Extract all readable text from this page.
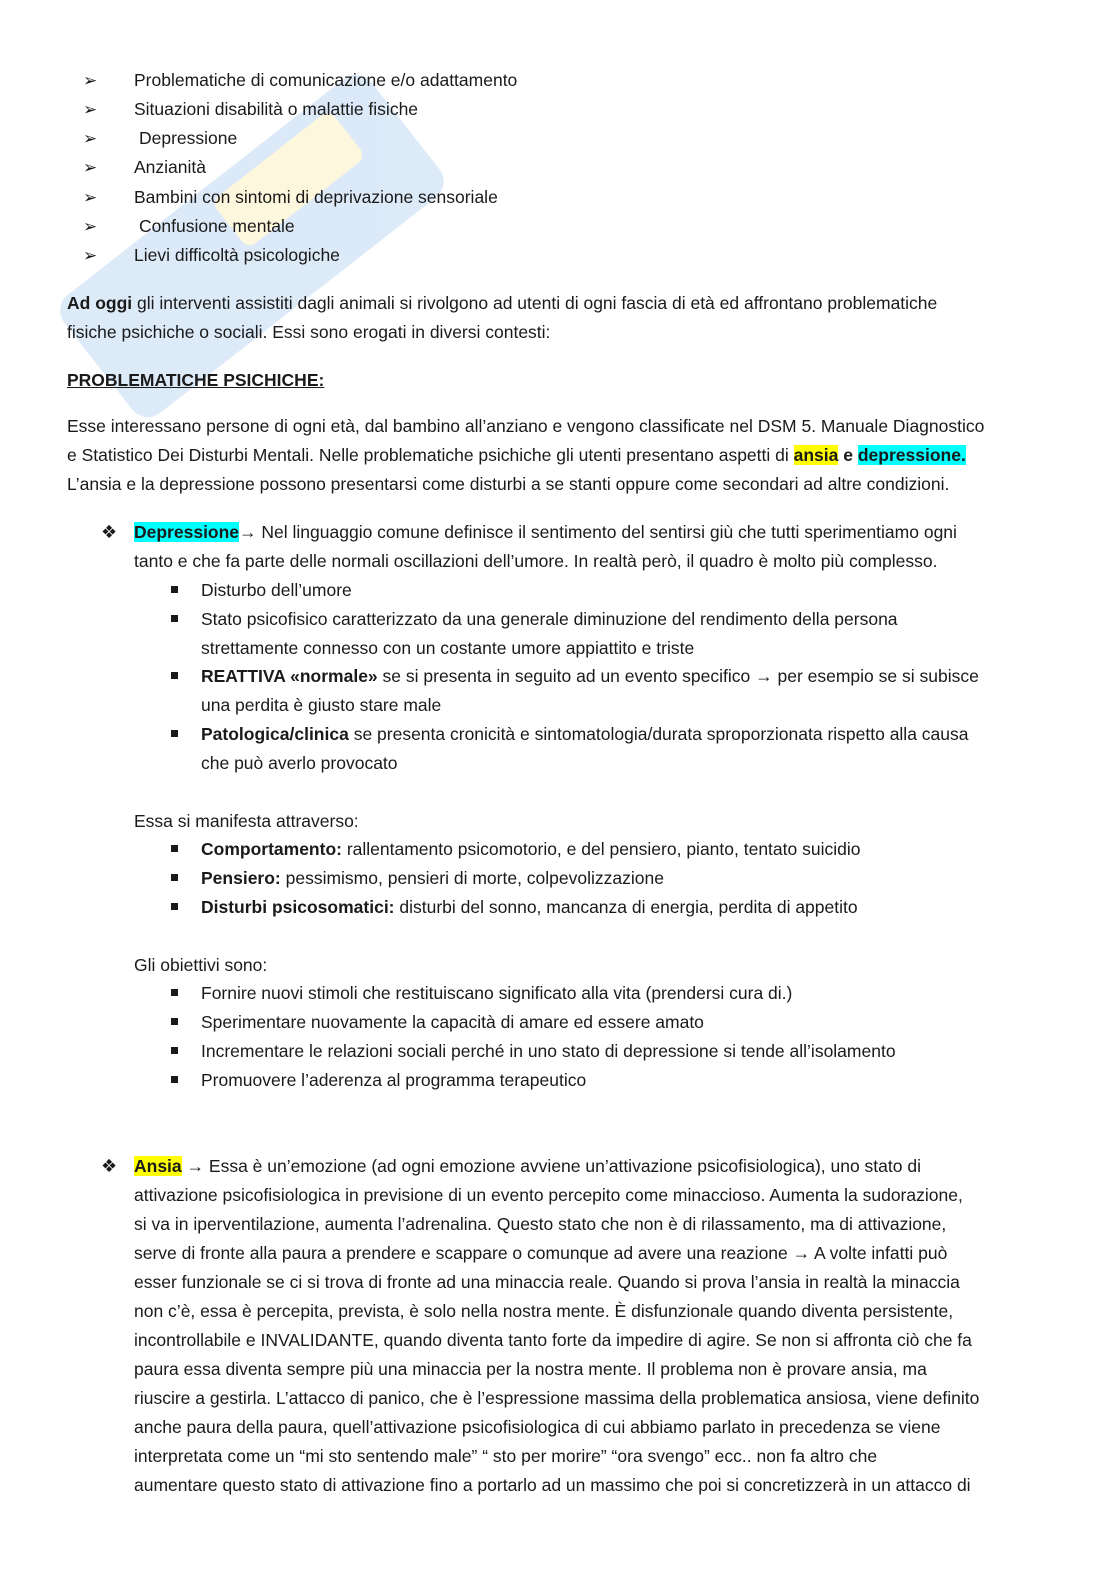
➢ Problematiche di comunicazione e/o adattamento
➢ Situazioni disabilità o malattie fisiche
➢ Depressione
➢ Anzianità
➢ Bambini con sintomi di deprivazione sensoriale
➢ Confusione mentale
➢ Lievi difficoltà psicologiche
Ad oggi gli interventi assistiti dagli animali si rivolgono ad utenti di ogni fascia di età ed affrontano problematiche
fisiche psichiche o sociali. Essi sono erogati in diversi contesti:
PROBLEMATICHE PSICHICHE:
Esse interessano persone di ogni età, dal bambino all’anziano e vengono classificate nel DSM 5. Manuale Diagnostico
e Statistico Dei Disturbi Mentali. Nelle problematiche psichiche gli utenti presentano aspetti di ansia e depressione.
L’ansia e la depressione possono presentarsi come disturbi a se stanti oppure come secondari ad altre condizioni.
❖ Depressione→ Nel linguaggio comune definisce il sentimento del sentirsi giù che tutti sperimentiamo ogni
tanto e che fa parte delle normali oscillazioni dell’umore. In realtà però, il quadro è molto più complesso.
Disturbo dell’umore
Stato psicofisico caratterizzato da una generale diminuzione del rendimento della persona
strettamente connesso con un costante umore appiattito e triste
REATTIVA «normale» se si presenta in seguito ad un evento specifico → per esempio se si subisce
una perdita è giusto stare male
Patologica/clinica se presenta cronicità e sintomatologia/durata sproporzionata rispetto alla causa
che può averlo provocato
Essa si manifesta attraverso:
Comportamento: rallentamento psicomotorio, e del pensiero, pianto, tentato suicidio
Pensiero: pessimismo, pensieri di morte, colpevolizzazione
Disturbi psicosomatici: disturbi del sonno, mancanza di energia, perdita di appetito
Gli obiettivi sono:
Fornire nuovi stimoli che restituiscano significato alla vita (prendersi cura di.)
Sperimentare nuovamente la capacità di amare ed essere amato
Incrementare le relazioni sociali perché in uno stato di depressione si tende all’isolamento
Promuovere l’aderenza al programma terapeutico
❖ Ansia → Essa è un’emozione (ad ogni emozione avviene un’attivazione psicofisiologica), uno stato di
attivazione psicofisiologica in previsione di un evento percepito come minaccioso. Aumenta la sudorazione,
si va in iperventilazione, aumenta l’adrenalina. Questo stato che non è di rilassamento, ma di attivazione,
serve di fronte alla paura a prendere e scappare o comunque ad avere una reazione → A volte infatti può
esser funzionale se ci si trova di fronte ad una minaccia reale. Quando si prova l’ansia in realtà la minaccia
non c’è, essa è percepita, prevista, è solo nella nostra mente. È disfunzionale quando diventa persistente,
incontrollabile e INVALIDANTE, quando diventa tanto forte da impedire di agire. Se non si affronta ciò che fa
paura essa diventa sempre più una minaccia per la nostra mente. Il problema non è provare ansia, ma
riuscire a gestirla. L’attacco di panico, che è l’espressione massima della problematica ansiosa, viene definito
anche paura della paura, quell’attivazione psicofisiologica di cui abbiamo parlato in precedenza se viene
interpretata come un “mi sto sentendo male” “ sto per morire” “ora svengo” ecc.. non fa altro che
aumentare questo stato di attivazione fino a portarlo ad un massimo che poi si concretizzerà in un attacco di
